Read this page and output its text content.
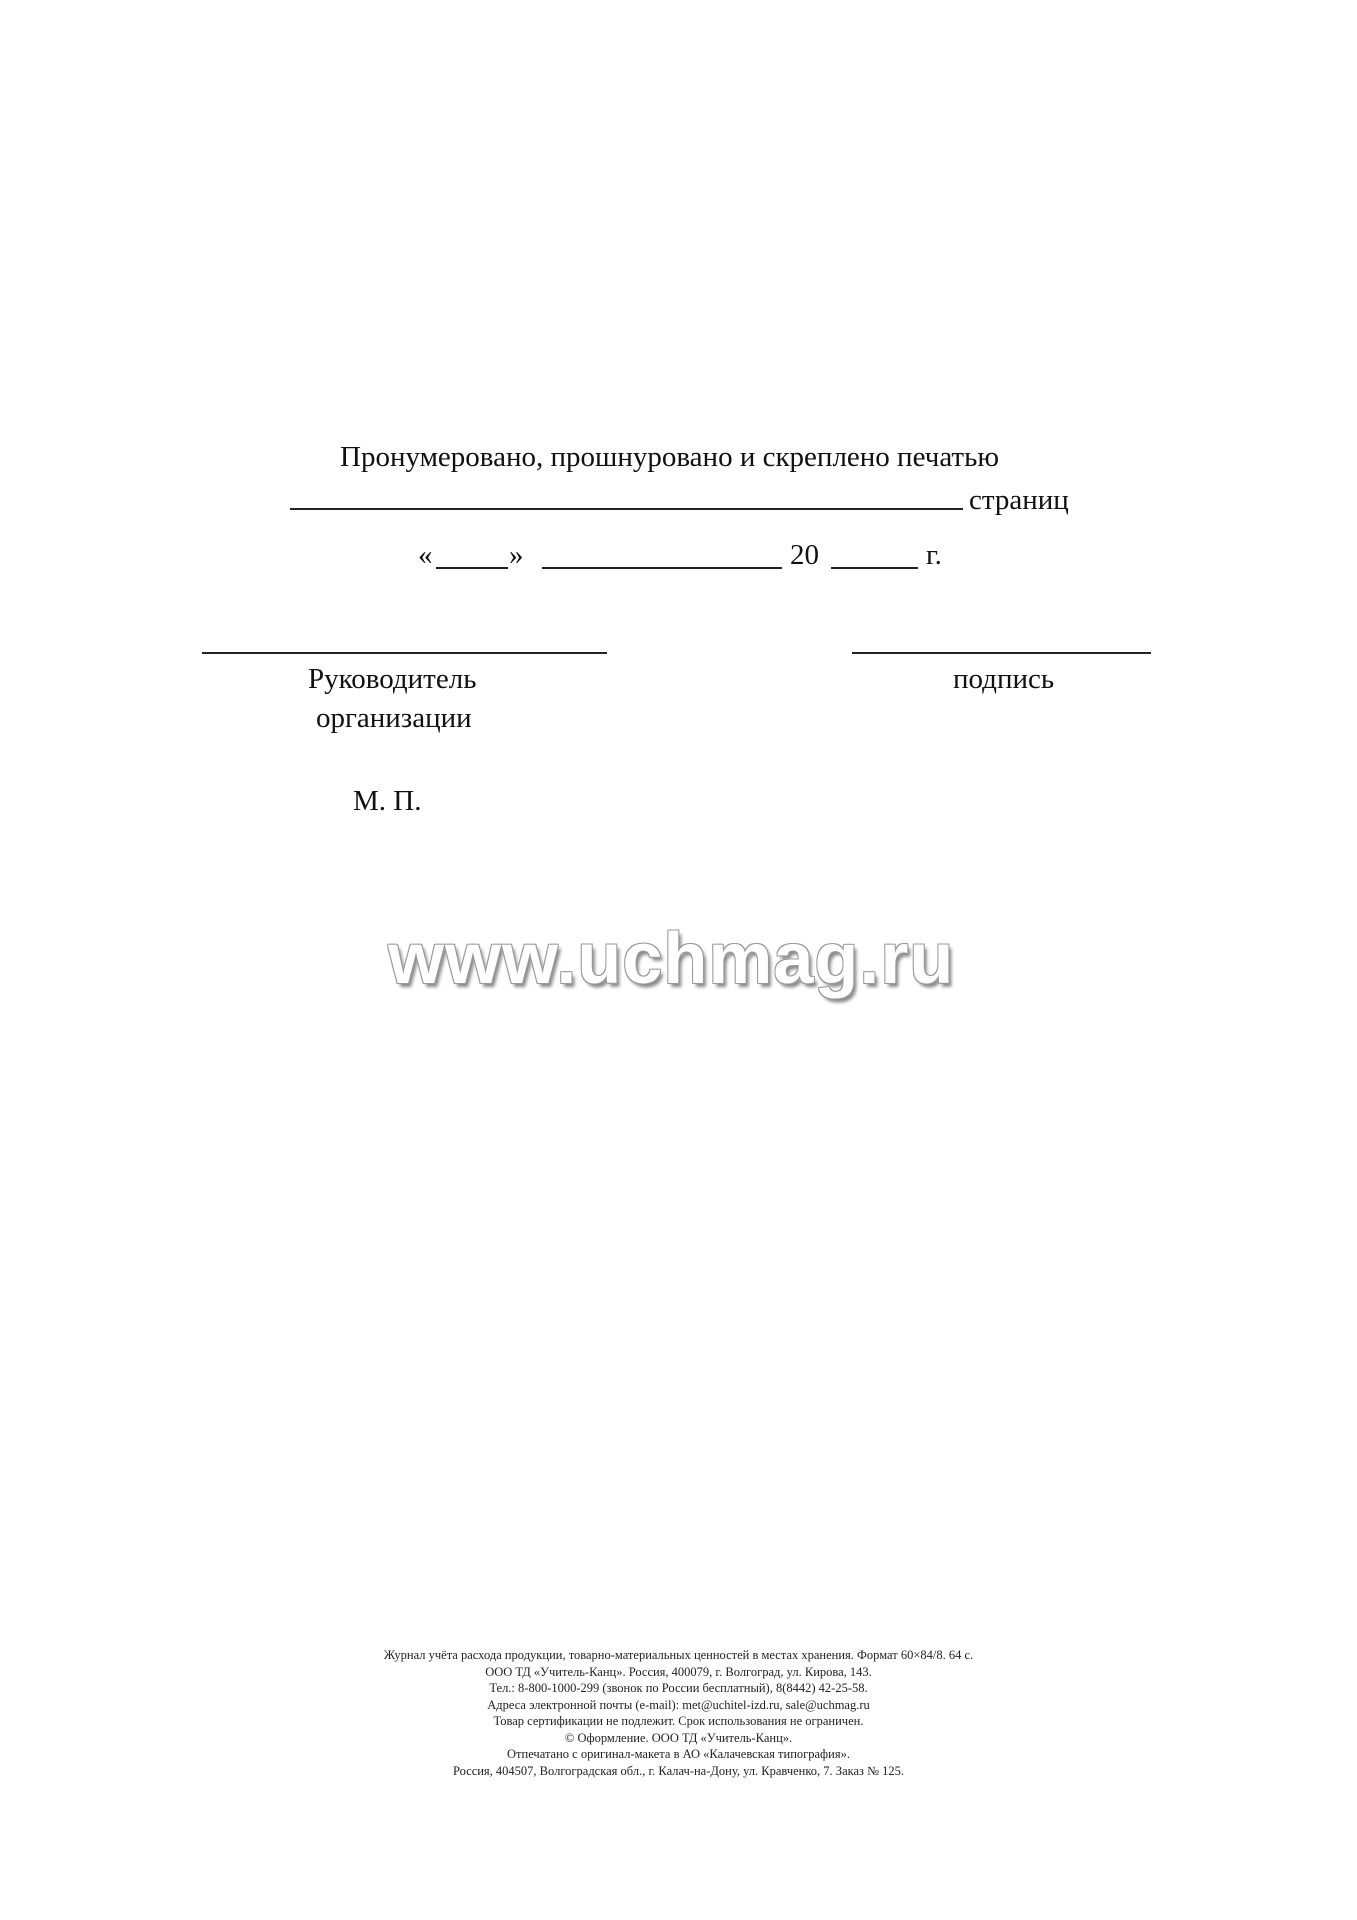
Пронумеровано, прошнуровано и скреплено печатью
страниц
«	»	20	г.
Руководитель
организации
подпись
М. П.
www.uchmag.ru
Журнал учёта расхода продукции, товарно-материальных ценностей в местах хранения. Формат 60×84/8. 64 с.
ООО ТД «Учитель-Канц». Россия, 400079, г. Волгоград, ул. Кирова, 143.
Тел.: 8-800-1000-299 (звонок по России бесплатный), 8(8442) 42-25-58.
Адреса электронной почты (e-mail): met@uchitel-izd.ru, sale@uchmag.ru
Товар сертификации не подлежит. Срок использования не ограничен.
© Оформление. ООО ТД «Учитель-Канц».
Отпечатано с оригинал-макета в АО «Калачевская типография».
Россия, 404507, Волгоградская обл., г. Калач-на-Дону, ул. Кравченко, 7. Заказ № 125.
